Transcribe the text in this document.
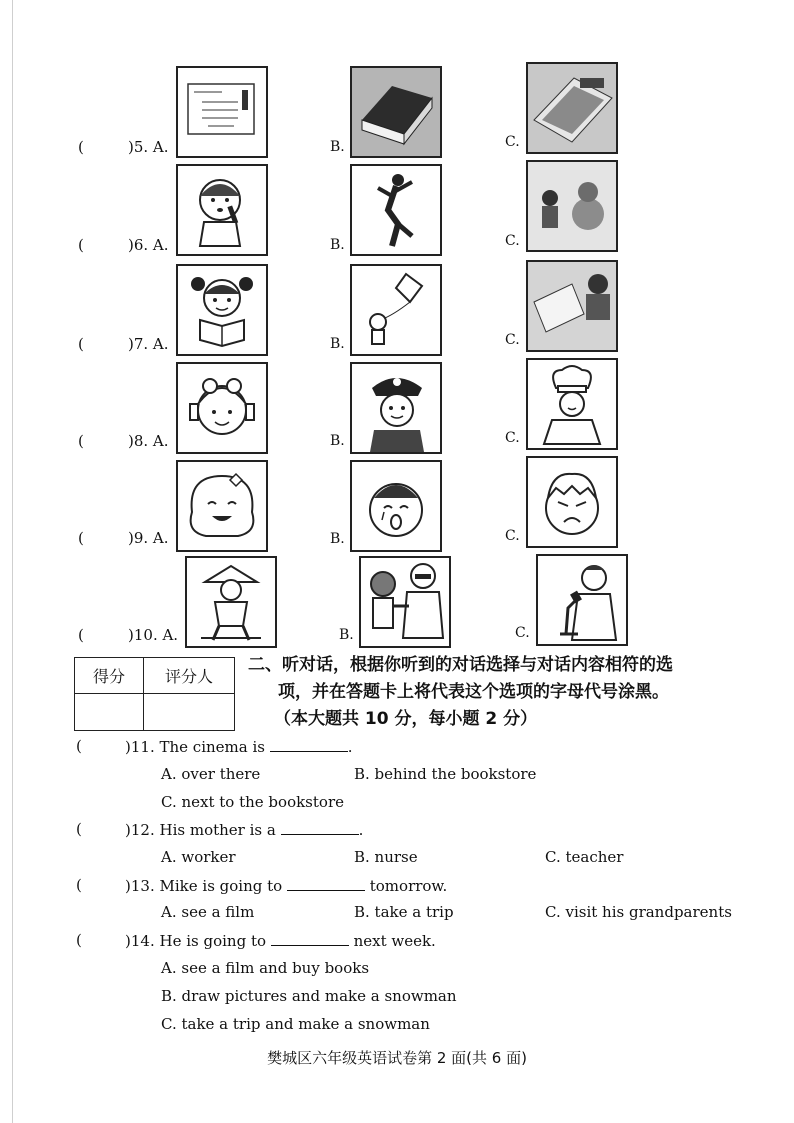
(	)5. A.	B.	C.
(	)6. A.	B.	C.
(	)7. A.	B.	C.
(	)8. A.	B.	C.
(	)9. A.	B.	C.
(	)10. A.	B.	C.
得分	评分人

二、听对话，根据你听到的对话选择与对话内容相符的选
项，并在答题卡上将代表这个选项的字母代号涂黑。
（本大题共 10 分，每小题 2 分）
(	)11. The cinema is	.
A. over there	B. behind the bookstore
C. next to the bookstore
(	)12. His mother is a	.
A. worker	B. nurse	C. teacher
(	)13. Mike is going to	tomorrow.
A. see a film	B. take a trip	C. visit his grandparents
(	)14. He is going to	next week.
A. see a film and buy books
B. draw pictures and make a snowman
C. take a trip and make a snowman
樊城区六年级英语试卷第 2 面(共 6 面)
